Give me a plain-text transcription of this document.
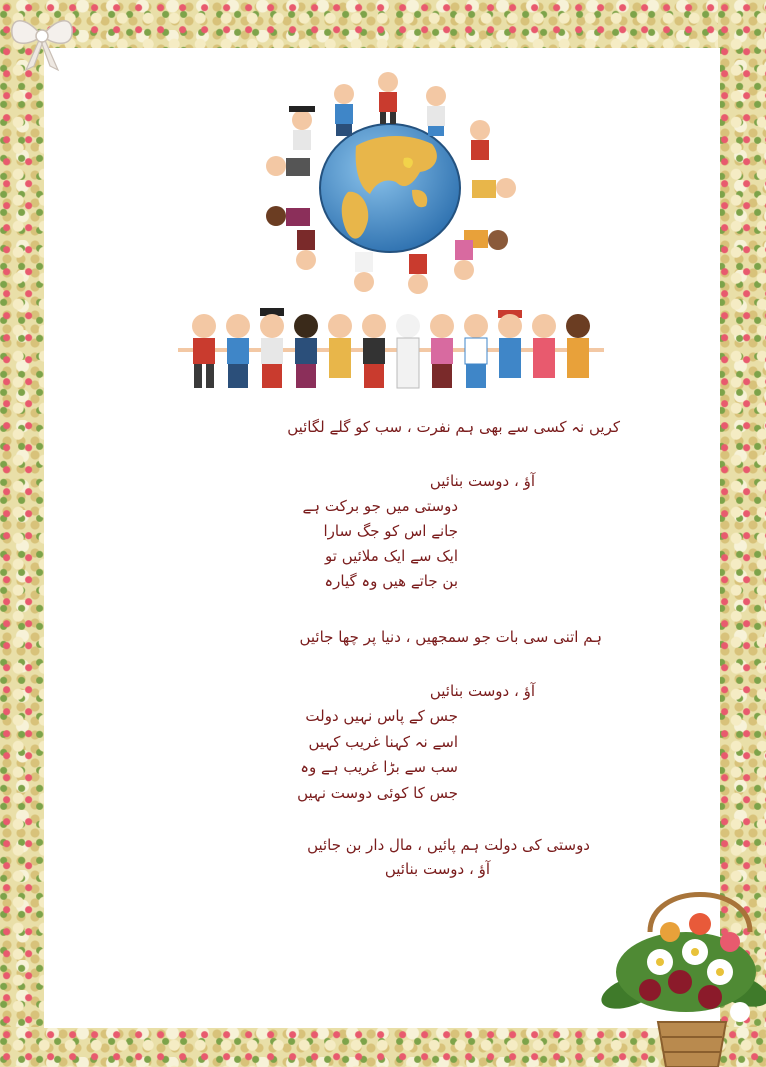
کریں نہ کسی سے بھی ہم نفرت ، سب کو گلے لگائیں
آؤ ، دوست بنائیں
دوستی میں جو برکت ہے
جانے اس کو جگ سارا
ایک سے ایک ملائیں تو
بن جاتے ھیں وہ گیارہ
ہم اتنی سی بات جو سمجھیں ، دنیا پر چھا جائیں
آؤ ، دوست بنائیں
جس کے پاس نہیں دولت
اسے نہ کہنا غریب کہیں
سب سے بڑا غریب ہے وہ
جس کا کوئی دوست نہیں
دوستی کی دولت ہم پائیں ، مال دار بن جائیں
آؤ ، دوست بنائیں
